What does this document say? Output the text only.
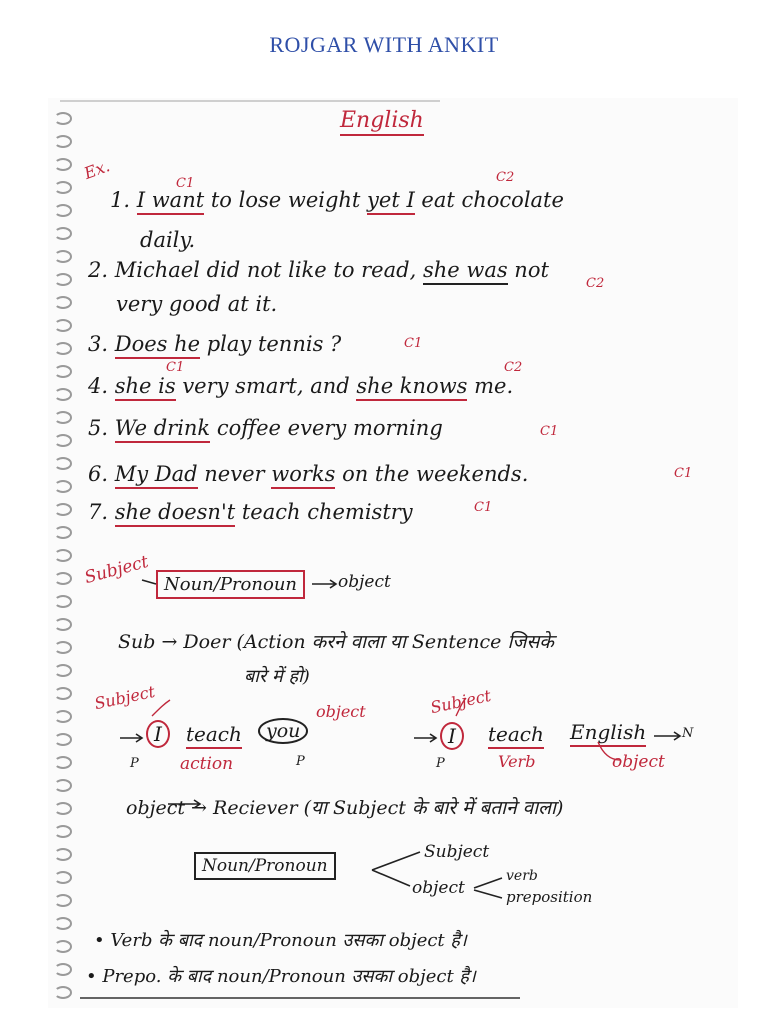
ROJGAR WITH ANKIT
English
Ex.
1. I want to lose weight yet I eat chocolate
C1	C2
daily.
2. Michael did not like to read, she was not
C2
very good at it.
3. Does he play tennis ?	C1
4. she is very smart, and she knows me.
C1	C2
5. We drink coffee every morning	C1
6. My Dad never works on the weekends.	C1
7. she doesn't teach chemistry	C1
Subject Noun/Pronoun	object
Sub → Doer (Action करने वाला या Sentence जिसके
बारे में हो)
Subject
I	teach	you
object
action
P	P
Subject
I	teach English	N
Verb	object
P
object → Reciever (या Subject के बारे में बताने वाला)
Noun/Pronoun
Subject
object
verb
preposition
• Verb के बाद noun/Pronoun उसका object है।
• Prepo. के बाद noun/Pronoun उसका object है।
